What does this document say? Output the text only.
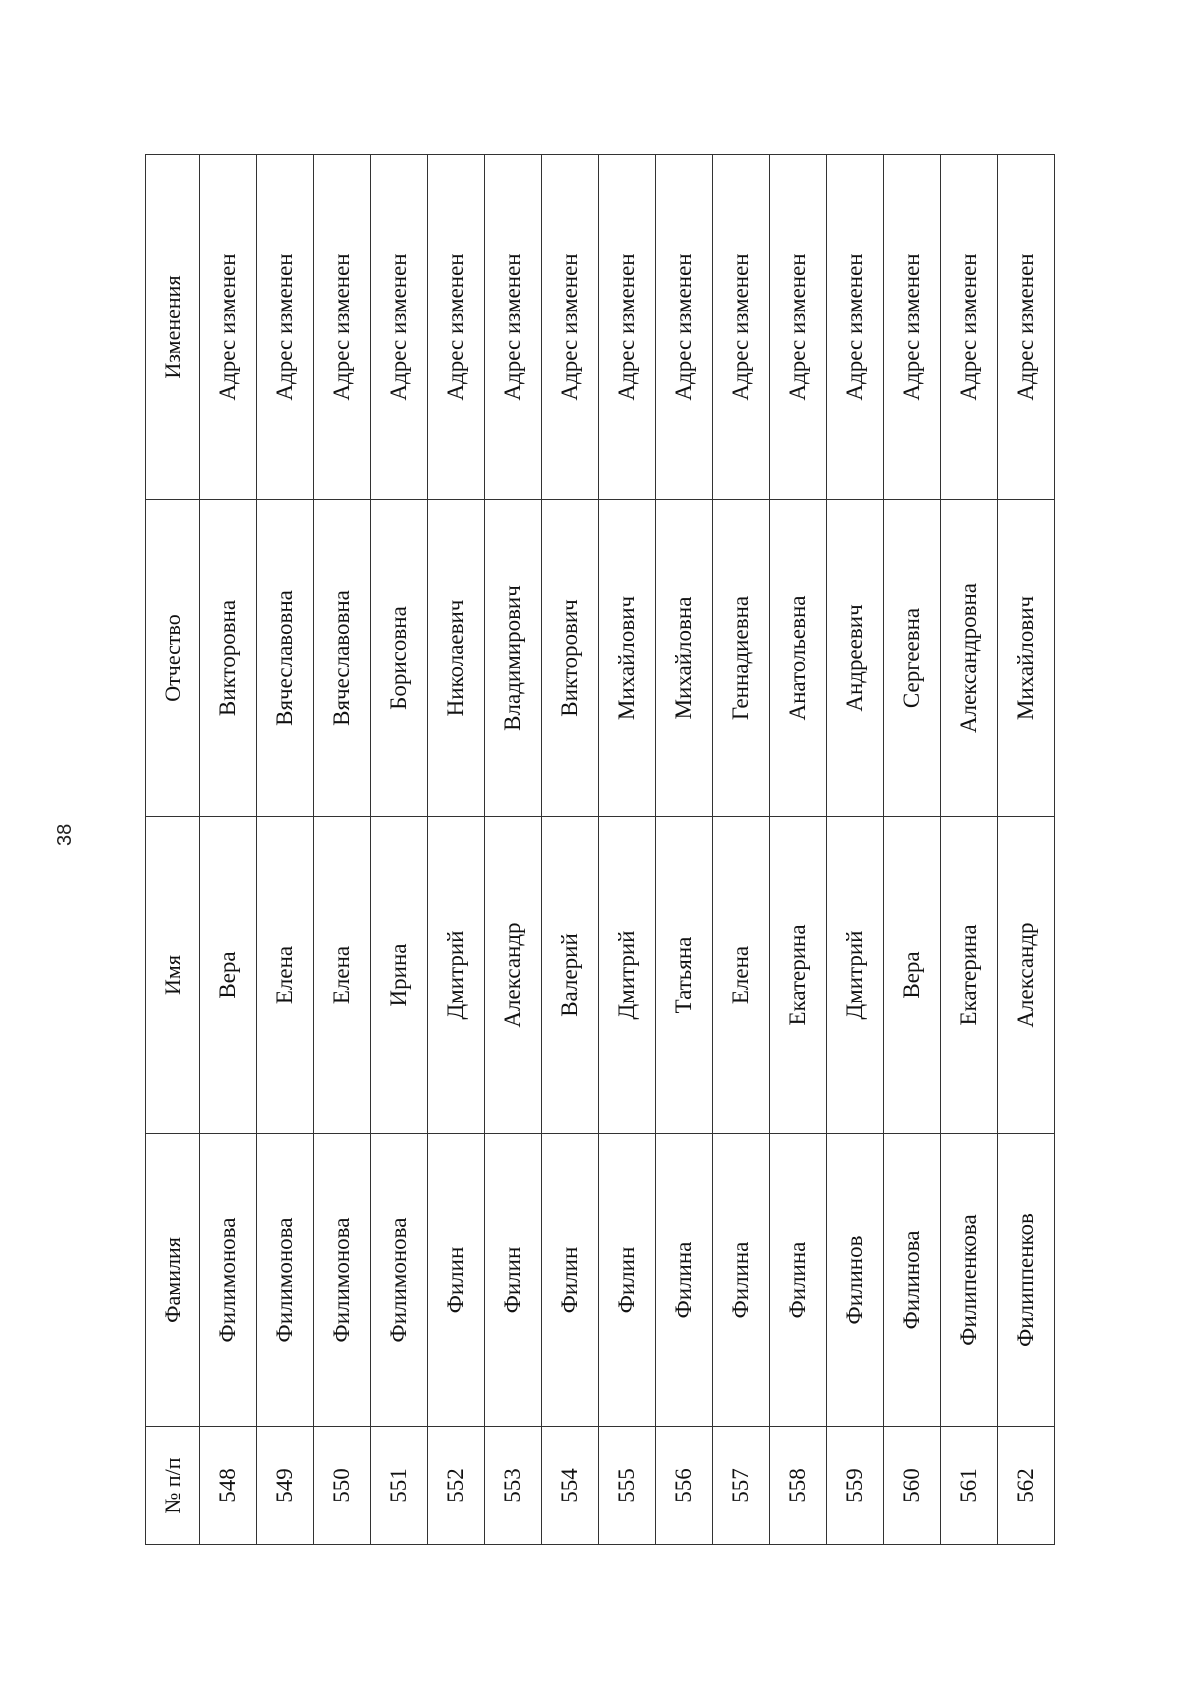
38
№ п/п	Фамилия	Имя	Отчество	Изменения
548	Филимонова	Вера	Викторовна	Адрес изменен
549	Филимонова	Елена	Вячеславовна	Адрес изменен
550	Филимонова	Елена	Вячеславовна	Адрес изменен
551	Филимонова	Ирина	Борисовна	Адрес изменен
552	Филин	Дмитрий	Николаевич	Адрес изменен
553	Филин	Александр	Владимирович	Адрес изменен
554	Филин	Валерий	Викторович	Адрес изменен
555	Филин	Дмитрий	Михайлович	Адрес изменен
556	Филина	Татьяна	Михайловна	Адрес изменен
557	Филина	Елена	Геннадиевна	Адрес изменен
558	Филина	Екатерина	Анатольевна	Адрес изменен
559	Филинов	Дмитрий	Андреевич	Адрес изменен
560	Филинова	Вера	Сергеевна	Адрес изменен
561	Филипенкова	Екатерина	Александровна	Адрес изменен
562	Филиппенков	Александр	Михайлович	Адрес изменен
